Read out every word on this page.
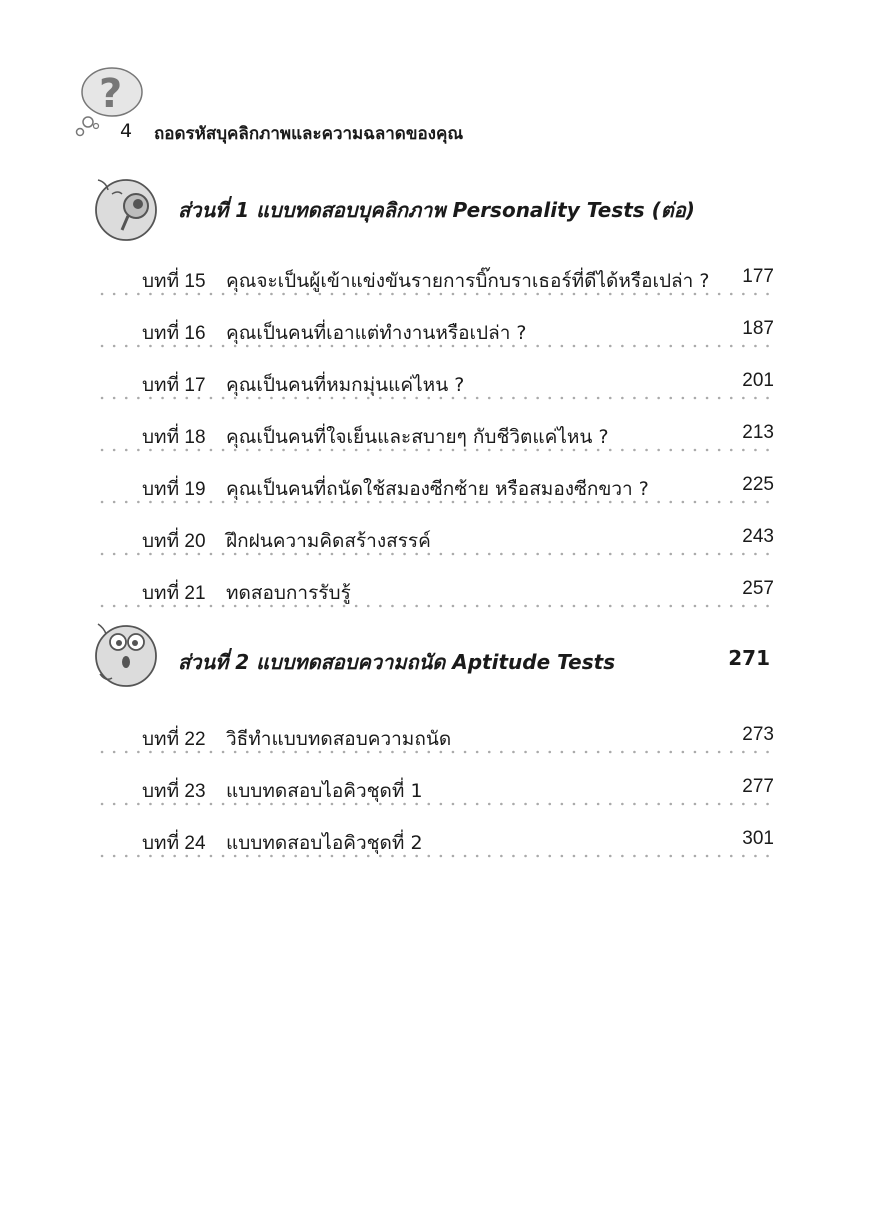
?
4 ถอดรหัสบุคลิกภาพและความฉลาดของคุณ
ส่วนที่ 1 แบบทดสอบบุคลิกภาพ Personality Tests (ต่อ)
บทที่ 15 คุณจะเป็นผู้เข้าแข่งขันรายการบิ๊กบราเธอร์ที่ดีได้หรือเปล่า ? 177
บทที่ 16 คุณเป็นคนที่เอาแต่ทำงานหรือเปล่า ?	187
บทที่ 17 คุณเป็นคนที่หมกมุ่นแค่ไหน ?	201
บทที่ 18 คุณเป็นคนที่ใจเย็นและสบายๆ กับชีวิตแค่ไหน ?	213
บทที่ 19 คุณเป็นคนที่ถนัดใช้สมองซีกซ้าย หรือสมองซีกขวา ?	225
บทที่ 20 ฝึกฝนความคิดสร้างสรรค์	243
บทที่ 21 ทดสอบการรับรู้	257
ส่วนที่ 2 แบบทดสอบความถนัด Aptitude Tests	271
บทที่ 22 วิธีทำแบบทดสอบความถนัด	273
บทที่ 23 แบบทดสอบไอคิวชุดที่ 1	277
บทที่ 24 แบบทดสอบไอคิวชุดที่ 2	301
